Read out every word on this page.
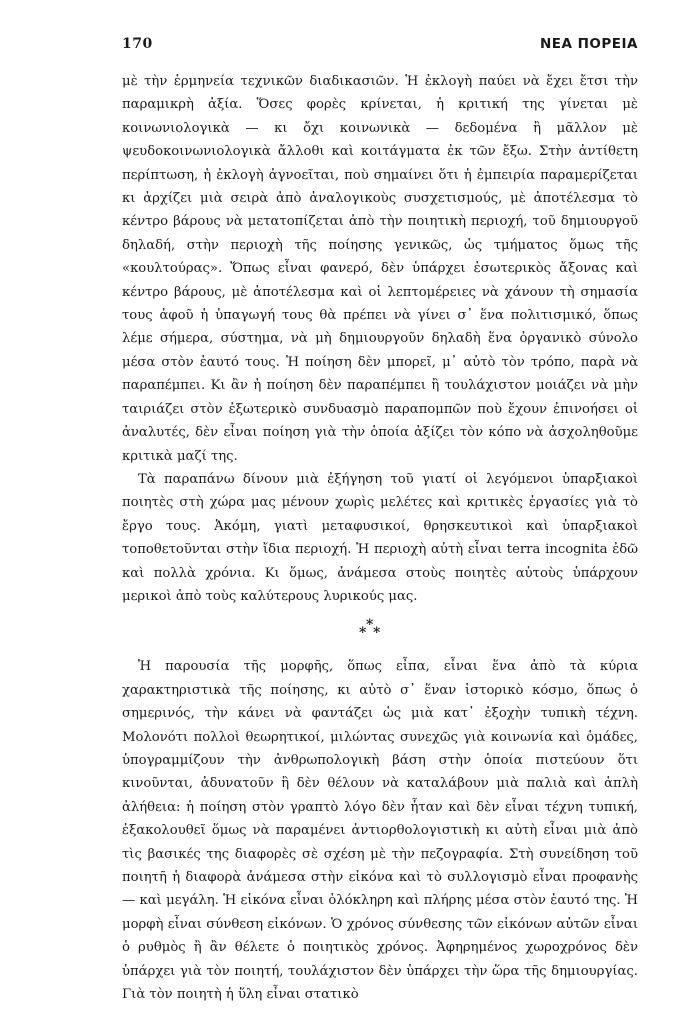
170	ΝΕΑ ΠΟΡΕΙΑ

μὲ τὴν ἑρμηνεία τεχνικῶν διαδικασιῶν. Ἡ ἐκλογὴ παύει νὰ ἔχει ἔτσι τὴν παραμικρὴ ἀξία. Ὅσες φορὲς κρίνεται, ἡ κριτική της γίνεται μὲ κοινωνιολογικὰ — κι ὄχι κοινωνικὰ — δεδομένα ἢ μᾶλλον μὲ ψευδοκοινωνιολογικὰ ἄλλοθι καὶ κοιτάγματα ἐκ τῶν ἔξω. Στὴν ἀντίθετη περίπτωση, ἡ ἐκλογὴ ἀγνοεῖται, ποὺ σημαίνει ὅτι ἡ ἐμπειρία παραμερίζεται κι ἀρχίζει μιὰ σειρὰ ἀπὸ ἀναλογικοὺς συσχετισμούς, μὲ ἀποτέλεσμα τὸ κέντρο βάρους νὰ μετατοπίζεται ἀπὸ τὴν ποιητικὴ περιοχή, τοῦ δημιουργοῦ δηλαδή, στὴν περιοχὴ τῆς ποίησης γενικῶς, ὡς τμήματος ὅμως τῆς «κουλτούρας». Ὅπως εἶναι φανερό, δὲν ὑπάρχει ἐσωτερικὸς ἄξονας καὶ κέντρο βάρους, μὲ ἀποτέλεσμα καὶ οἱ λεπτομέρειες νὰ χάνουν τὴ σημασία τους ἀφοῦ ἡ ὑπαγωγή τους θὰ πρέπει νὰ γίνει σ᾽ ἕνα πολιτισμικό, ὅπως λέμε σήμερα, σύστημα, νὰ μὴ δημιουργοῦν δηλαδὴ ἕνα ὀργανικὸ σύνολο μέσα στὸν ἑαυτό τους. Ἡ ποίηση δὲν μπορεῖ, μ᾽ αὐτὸ τὸν τρόπο, παρὰ νὰ παραπέμπει. Κι ἂν ἡ ποίηση δὲν παραπέμπει ἢ τουλάχιστον μοιάζει νὰ μὴν ταιριάζει στὸν ἐξωτερικὸ συνδυασμὸ παραπομπῶν ποὺ ἔχουν ἐπινοήσει οἱ ἀναλυτές, δὲν εἶναι ποίηση γιὰ τὴν ὁποία ἀξίζει τὸν κόπο νὰ ἀσχοληθοῦμε κριτικὰ μαζί της.

Τὰ παραπάνω δίνουν μιὰ ἐξήγηση τοῦ γιατί οἱ λεγόμενοι ὑπαρξιακοὶ ποιητὲς στὴ χώρα μας μένουν χωρὶς μελέτες καὶ κριτικὲς ἐργασίες γιὰ τὸ ἔργο τους. Ἀκόμη, γιατὶ μεταφυσικοί, θρησκευτικοὶ καὶ ὑπαρξιακοὶ τοποθετοῦνται στὴν ἴδια περιοχή. Ἡ περιοχὴ αὐτὴ εἶναι terra incognita ἐδῶ καὶ πολλὰ χρόνια. Κι ὅμως, ἀνάμεσα στοὺς ποιητὲς αὐτοὺς ὑπάρχουν μερικοὶ ἀπὸ τοὺς καλύτερους λυρικούς μας.

* * *

Ἡ παρουσία τῆς μορφῆς, ὅπως εἶπα, εἶναι ἕνα ἀπὸ τὰ κύρια χαρακτηριστικὰ τῆς ποίησης, κι αὐτὸ σ᾽ ἕναν ἱστορικὸ κόσμο, ὅπως ὁ σημερινός, τὴν κάνει νὰ φαντάζει ὡς μιὰ κατ᾽ ἐξοχὴν τυπικὴ τέχνη. Μολονότι πολλοὶ θεωρητικοί, μιλώντας συνεχῶς γιὰ κοινωνία καὶ ὁμάδες, ὑπογραμμίζουν τὴν ἀνθρωπολογικὴ βάση στὴν ὁποία πιστεύουν ὅτι κινοῦνται, ἀδυνατοῦν ἢ δὲν θέλουν νὰ καταλάβουν μιὰ παλιὰ καὶ ἁπλὴ ἀλήθεια: ἡ ποίηση στὸν γραπτὸ λόγο δὲν ἦταν καὶ δὲν εἶναι τέχνη τυπική, ἐξακολουθεῖ ὅμως νὰ παραμένει ἀντιορθολογιστικὴ κι αὐτὴ εἶναι μιὰ ἀπὸ τὶς βασικές της διαφορὲς σὲ σχέση μὲ τὴν πεζογραφία. Στὴ συνείδηση τοῦ ποιητῆ ἡ διαφορὰ ἀνάμεσα στὴν εἰκόνα καὶ τὸ συλλογισμὸ εἶναι προφανὴς — καὶ μεγάλη. Ἡ εἰκόνα εἶναι ὁλόκληρη καὶ πλήρης μέσα στὸν ἑαυτό της. Ἡ μορφὴ εἶναι σύνθεση εἰκόνων. Ὁ χρόνος σύνθεσης τῶν εἰκόνων αὐτῶν εἶναι ὁ ρυθμὸς ἢ ἂν θέλετε ὁ ποιητικὸς χρόνος. Ἀφηρημένος χωροχρόνος δὲν ὑπάρχει γιὰ τὸν ποιητή, τουλάχιστον δὲν ὑπάρχει τὴν ὥρα τῆς δημιουργίας. Γιὰ τὸν ποιητὴ ἡ ὕλη εἶναι στατικὸ
